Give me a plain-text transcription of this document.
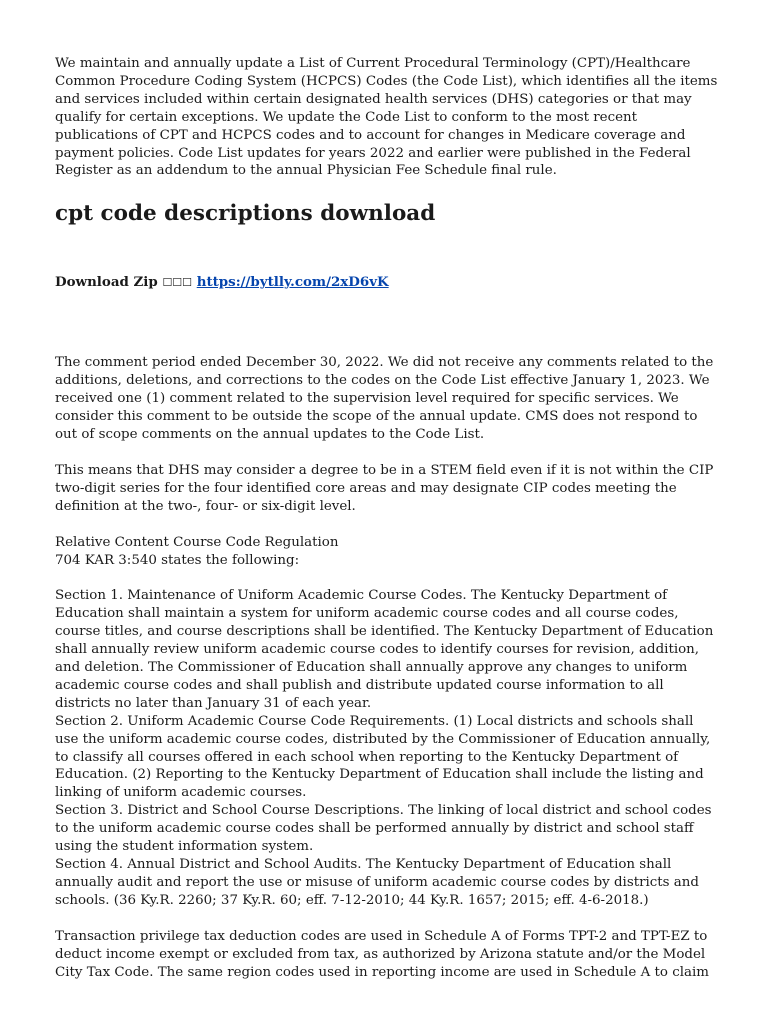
We maintain and annually update a List of Current Procedural Terminology (CPT)/Healthcare Common Procedure Coding System (HCPCS) Codes (the Code List), which identifies all the items and services included within certain designated health services (DHS) categories or that may qualify for certain exceptions. We update the Code List to conform to the most recent publications of CPT and HCPCS codes and to account for changes in Medicare coverage and payment policies. Code List updates for years 2022 and earlier were published in the Federal Register as an addendum to the annual Physician Fee Schedule final rule.

cpt code descriptions download
Download Zip ☐☐☐ https://bytlly.com/2xD6vK

The comment period ended December 30, 2022. We did not receive any comments related to the additions, deletions, and corrections to the codes on the Code List effective January 1, 2023. We received one (1) comment related to the supervision level required for specific services. We consider this comment to be outside the scope of the annual update. CMS does not respond to out of scope comments on the annual updates to the Code List.

This means that DHS may consider a degree to be in a STEM field even if it is not within the CIP two-digit series for the four identified core areas and may designate CIP codes meeting the definition at the two-, four- or six-digit level.

Relative Content Course Code Regulation

704 KAR 3:540 states the following:

Section 1. Maintenance of Uniform Academic Course Codes. The Kentucky Department of Education shall maintain a system for uniform academic course codes and all course codes, course titles, and course descriptions shall be identified. The Kentucky Department of Education shall annually review uniform academic course codes to identify courses for revision, addition, and deletion. The Commissioner of Education shall annually approve any changes to uniform academic course codes and shall publish and distribute updated course information to all districts no later than January 31 of each year.

Section 2. Uniform Academic Course Code Requirements. (1) Local districts and schools shall use the uniform academic course codes, distributed by the Commissioner of Education annually, to classify all courses offered in each school when reporting to the Kentucky Department of Education. (2) Reporting to the Kentucky Department of Education shall include the listing and linking of uniform academic courses.

Section 3. District and School Course Descriptions. The linking of local district and school codes to the uniform academic course codes shall be performed annually by district and school staff using the student information system.

Section 4. Annual District and School Audits. The Kentucky Department of Education shall annually audit and report the use or misuse of uniform academic course codes by districts and schools. (36 Ky.R. 2260; 37 Ky.R. 60; eff. 7-12-2010; 44 Ky.R. 1657; 2015; eff. 4-6-2018.)

Transaction privilege tax deduction codes are used in Schedule A of Forms TPT-2 and TPT-EZ to deduct income exempt or excluded from tax, as authorized by Arizona statute and/or the Model City Tax Code. The same region codes used in reporting income are used in Schedule A to claim
